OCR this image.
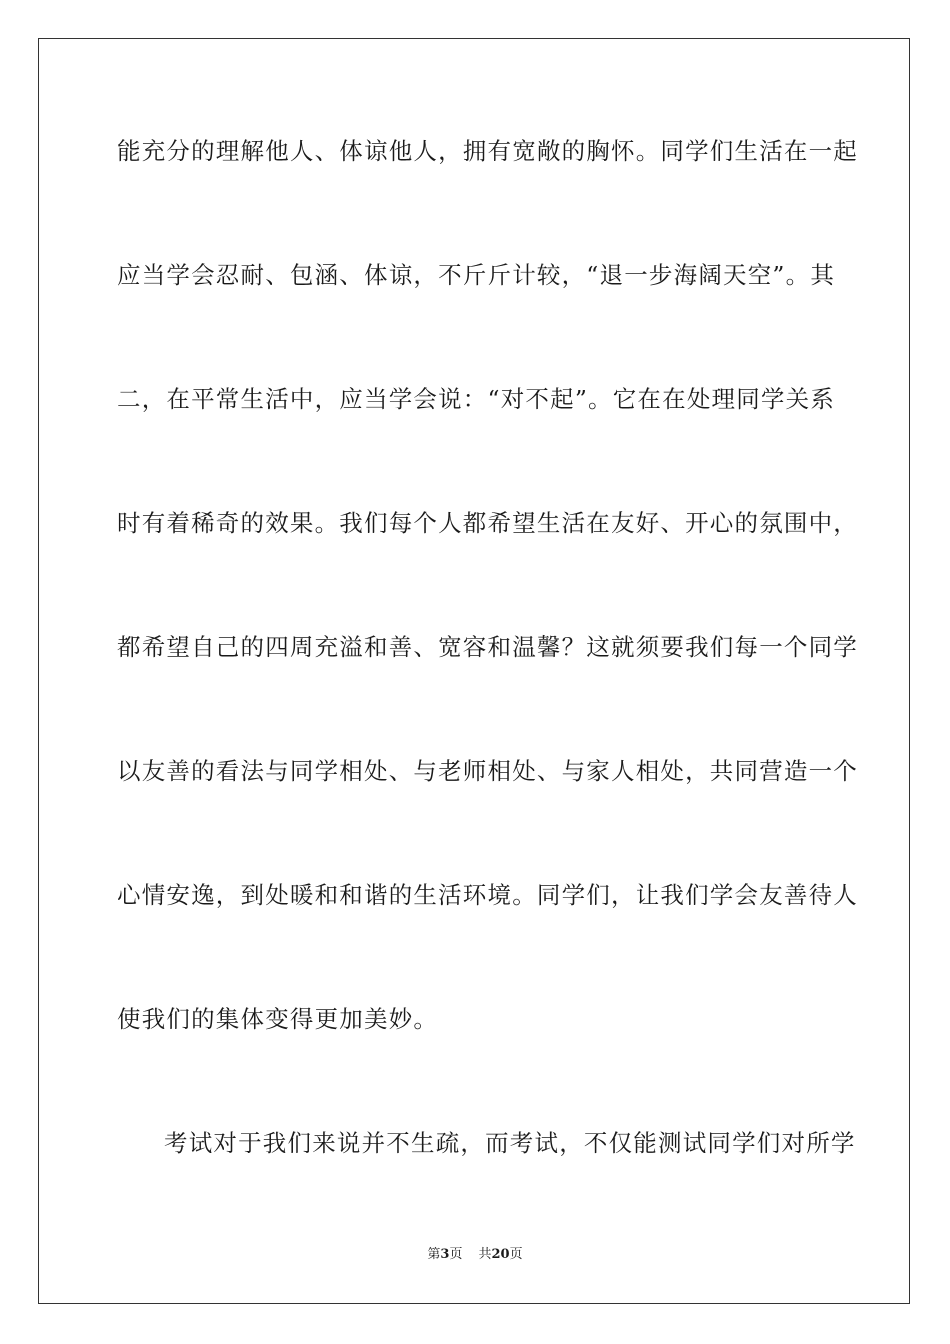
能充分的理解他人、体谅他人，拥有宽敞的胸怀。同学们生活在一起
应当学会忍耐、包涵、体谅，不斤斤计较，“退一步海阔天空”。其
二，在平常生活中，应当学会说：“对不起”。它在在处理同学关系
时有着稀奇的效果。我们每个人都希望生活在友好、开心的氛围中，
都希望自己的四周充溢和善、宽容和温馨？这就须要我们每一个同学
以友善的看法与同学相处、与老师相处、与家人相处，共同营造一个
心情安逸，到处暖和和谐的生活环境。同学们，让我们学会友善待人
使我们的集体变得更加美妙。
考试对于我们来说并不生疏，而考试，不仅能测试同学们对所学
第3页 共20页
